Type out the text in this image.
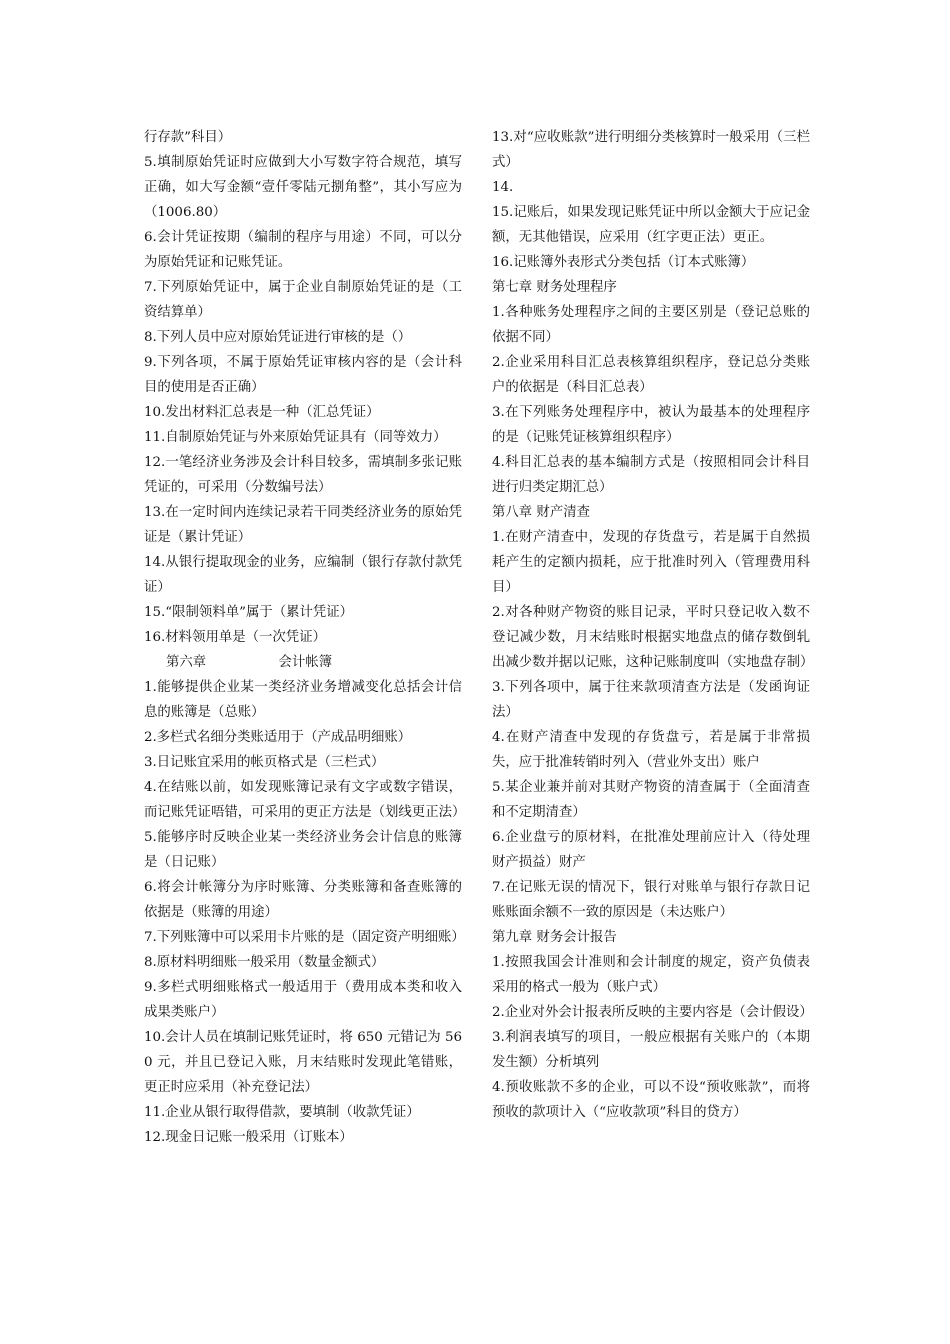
行存款”科目）

5.填制原始凭证时应做到大小写数字符合规范，填写正确，如大写金额“壹仟零陆元捌角整”，其小写应为（1006.80）

6.会计凭证按期（编制的程序与用途）不同，可以分为原始凭证和记账凭证。

7.下列原始凭证中，属于企业自制原始凭证的是（工资结算单）

8.下列人员中应对原始凭证进行审核的是（）

9.下列各项，不属于原始凭证审核内容的是（会计科目的使用是否正确）

10.发出材料汇总表是一种（汇总凭证）

11.自制原始凭证与外来原始凭证具有（同等效力）

12.一笔经济业务涉及会计科目较多，需填制多张记账凭证的，可采用（分数编号法）

13.在一定时间内连续记录若干同类经济业务的原始凭证是（累计凭证）

14.从银行提取现金的业务，应编制（银行存款付款凭证）

15.“限制领料单”属于（累计凭证）

16.材料领用单是（一次凭证）

第六章                 会计帐簿

1.能够提供企业某一类经济业务增减变化总括会计信息的账簿是（总账）

2.多栏式名细分类账适用于（产成品明细账）

3.日记账宜采用的帐页格式是（三栏式）

4.在结账以前，如发现账簿记录有文字或数字错误，而记账凭证唔错，可采用的更正方法是（划线更正法）

5.能够序时反映企业某一类经济业务会计信息的账簿是（日记账）

6.将会计帐簿分为序时账簿、分类账簿和备查账簿的依据是（账簿的用途）

7.下列账簿中可以采用卡片账的是（固定资产明细账）

8.原材料明细账一般采用（数量金额式）

9.多栏式明细账格式一般适用于（费用成本类和收入成果类账户）

10.会计人员在填制记账凭证时，将 650 元错记为 560 元，并且已登记入账，月末结账时发现此笔错账，更正时应采用（补充登记法）

11.企业从银行取得借款，要填制（收款凭证）

12.现金日记账一般采用（订账本）

13.对“应收账款”进行明细分类核算时一般采用（三栏式）

14.

15.记账后，如果发现记账凭证中所以金额大于应记金额，无其他错误，应采用（红字更正法）更正。

16.记账簿外表形式分类包括（订本式账簿）

第七章 财务处理程序

1.各种账务处理程序之间的主要区别是（登记总账的依据不同）

2.企业采用科目汇总表核算组织程序，登记总分类账户的依据是（科目汇总表）

3.在下列账务处理程序中，被认为最基本的处理程序的是（记账凭证核算组织程序）

4.科目汇总表的基本编制方式是（按照相同会计科目进行归类定期汇总）

第八章 财产清查

1.在财产清查中，发现的存货盘亏，若是属于自然损耗产生的定额内损耗，应于批准时列入（管理费用科目）

2.对各种财产物资的账目记录，平时只登记收入数不登记减少数，月末结账时根据实地盘点的储存数倒轧出减少数并据以记账，这种记账制度叫（实地盘存制）

3.下列各项中，属于往来款项清查方法是（发函询证法）

4.在财产清查中发现的存货盘亏，若是属于非常损失，应于批准转销时列入（营业外支出）账户

5.某企业兼并前对其财产物资的清查属于（全面清查和不定期清查）

6.企业盘亏的原材料，在批准处理前应计入（待处理财产损益）财产

7.在记账无误的情况下，银行对账单与银行存款日记账账面余额不一致的原因是（未达账户）

第九章 财务会计报告

1.按照我国会计准则和会计制度的规定，资产负债表采用的格式一般为（账户式）

2.企业对外会计报表所反映的主要内容是（会计假设）

3.利润表填写的项目，一般应根据有关账户的（本期发生额）分析填列

4.预收账款不多的企业，可以不设“预收账款”，而将预收的款项计入（“应收款项”科目的贷方）
